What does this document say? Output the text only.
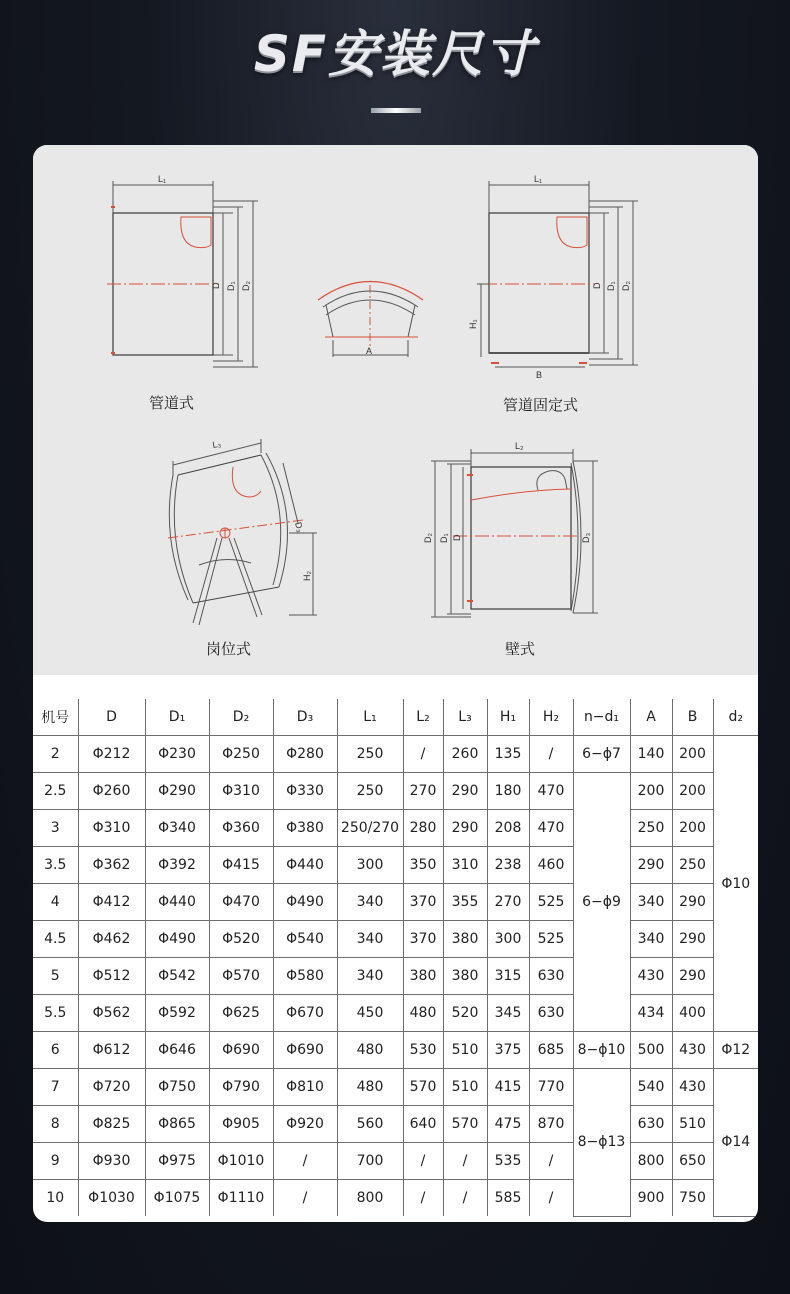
SF安装尺寸
L₁
D D₁ D₂
A
L₁
D D₁ D₂
H₁
B
L₃
D₃
H₂
L₂
D₂ D₁ D	D₃
管道式	管道固定式
岗位式	壁式
机号	D	D₁	D₂	D₃	L₁	L₂	L₃	H₁	H₂	n−d₁	A	B	d₂
2	Φ212	Φ230	Φ250	Φ280	250	/	260	135	/	6−ϕ7	140	200	Φ10
2.5	Φ260	Φ290	Φ310	Φ330	250	270	290	180	470	6−ϕ9	200	200	
3	Φ310	Φ340	Φ360	Φ380	250/270	280	290	208	470		250	200	
3.5	Φ362	Φ392	Φ415	Φ440	300	350	310	238	460		290	250	
4	Φ412	Φ440	Φ470	Φ490	340	370	355	270	525		340	290	
4.5	Φ462	Φ490	Φ520	Φ540	340	370	380	300	525		340	290	
5	Φ512	Φ542	Φ570	Φ580	340	380	380	315	630		430	290	
5.5	Φ562	Φ592	Φ625	Φ670	450	480	520	345	630		434	400	
6	Φ612	Φ646	Φ690	Φ690	480	530	510	375	685	8−ϕ10	500	430	Φ12
7	Φ720	Φ750	Φ790	Φ810	480	570	510	415	770	8−ϕ13	540	430	Φ14
8	Φ825	Φ865	Φ905	Φ920	560	640	570	475	870		630	510	
9	Φ930	Φ975	Φ1010	/	700	/	/	535	/		800	650	
10	Φ1030	Φ1075	Φ1110	/	800	/	/	585	/		900	750	
